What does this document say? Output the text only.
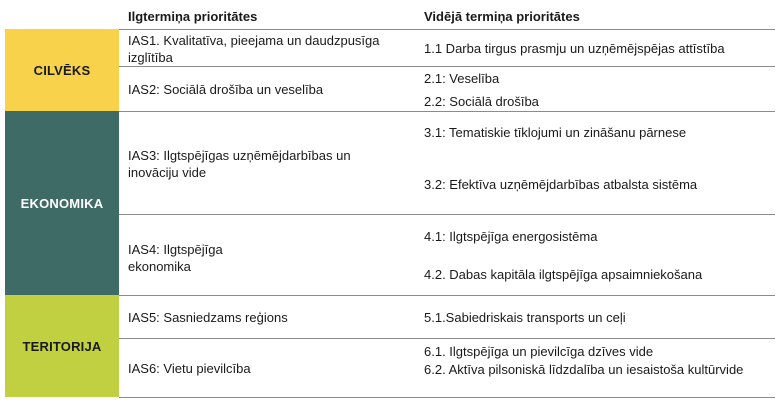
Ilgtermiņa prioritātes	Vidējā termiņa prioritātes
CILVĒKS
EKONOMIKA
TERITORIJA
IAS1. Kvalitatīva, pieejama un daudzpusīga izglītība
1.1 Darba tirgus prasmju un uzņēmējspējas attīstība
IAS2: Sociālā drošība un veselība
2.1: Veselība
2.2: Sociālā drošība
IAS3: Ilgtspējīgas uzņēmējdarbības un inovāciju vide
3.1: Tematiskie tīklojumi un zināšanu pārnese
3.2: Efektīva uzņēmējdarbības atbalsta sistēma
IAS4: Ilgtspējīga
ekonomika
4.1: Ilgtspējīga energosistēma
4.2. Dabas kapitāla ilgtspējīga apsaimniekošana
IAS5: Sasniedzams reģions	5.1.Sabiedriskais transports un ceļi
IAS6: Vietu pievilcība
6.1. Ilgtspējīga un pievilcīga dzīves vide
6.2. Aktīva pilsoniskā līdzdalība un iesaistoša kultūrvide
